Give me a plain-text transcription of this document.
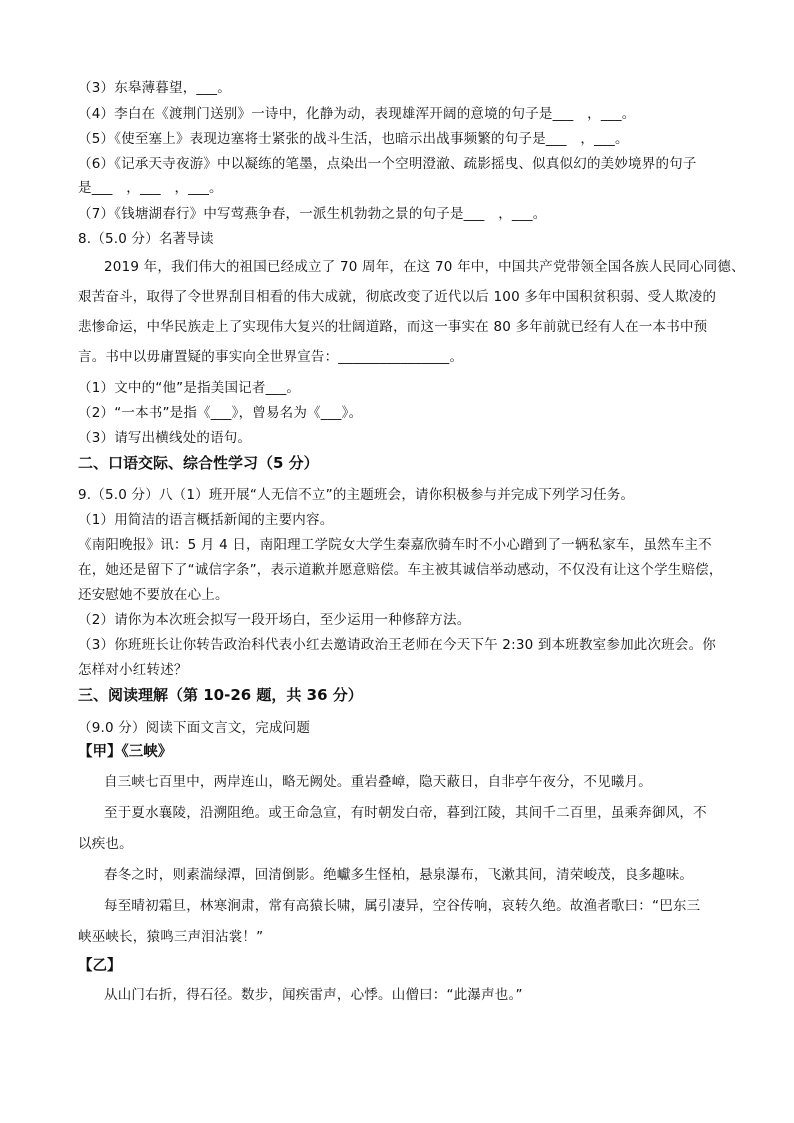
（3）东皋薄暮望，___。
（4）李白在《渡荆门送别》一诗中，化静为动，表现雄浑开阔的意境的句子是___　，___。
（5）《使至塞上》表现边塞将士紧张的战斗生活，也暗示出战事频繁的句子是___　，___。
（6）《记承天寺夜游》中以凝练的笔墨，点染出一个空明澄澈、疏影摇曳、似真似幻的美妙境界的句子
是___　，___　，___。
（7）《钱塘湖春行》中写莺燕争春，一派生机勃勃之景的句子是___　，___。
8.（5.0 分）名著导读
2019 年，我们伟大的祖国已经成立了 70 周年，在这 70 年中，中国共产党带领全国各族人民同心同德、
艰苦奋斗，取得了令世界刮目相看的伟大成就，彻底改变了近代以后 100 多年中国积贫积弱、受人欺凌的
悲惨命运，中华民族走上了实现伟大复兴的壮阔道路，而这一事实在 80 多年前就已经有人在一本书中预
言。书中以毋庸置疑的事实向全世界宣告：________________。
（1）文中的“他”是指美国记者___。
（2）“一本书”是指《___》，曾易名为《___》。
（3）请写出横线处的语句。
二、口语交际、综合性学习（5 分）
9.（5.0 分）八（1）班开展“人无信不立”的主题班会，请你积极参与并完成下列学习任务。
（1）用简洁的语言概括新闻的主要内容。
《南阳晚报》讯：5 月 4 日，南阳理工学院女大学生秦嘉欣骑车时不小心蹭到了一辆私家车，虽然车主不
在，她还是留下了“诚信字条”，表示道歉并愿意赔偿。车主被其诚信举动感动，不仅没有让这个学生赔偿，
还安慰她不要放在心上。
（2）请你为本次班会拟写一段开场白，至少运用一种修辞方法。
（3）你班班长让你转告政治科代表小红去邀请政治王老师在今天下午 2:30 到本班教室参加此次班会。你
怎样对小红转述？
三、阅读理解（第 10-26 题，共 36 分）
（9.0 分）阅读下面文言文，完成问题
【甲】《三峡》
自三峡七百里中，两岸连山，略无阙处。重岩叠嶂，隐天蔽日，自非亭午夜分，不见曦月。
至于夏水襄陵，沿溯阻绝。或王命急宣，有时朝发白帝，暮到江陵，其间千二百里，虽乘奔御风，不
以疾也。
春冬之时，则素湍绿潭，回清倒影。绝巘多生怪柏，悬泉瀑布，飞漱其间，清荣峻茂，良多趣味。
每至晴初霜旦，林寒涧肃，常有高猿长啸，属引凄异，空谷传响，哀转久绝。故渔者歌曰：“巴东三
峡巫峡长，猿鸣三声泪沾裳！”
【乙】
从山门右折，得石径。数步，闻疾雷声，心悸。山僧曰：“此瀑声也。”
